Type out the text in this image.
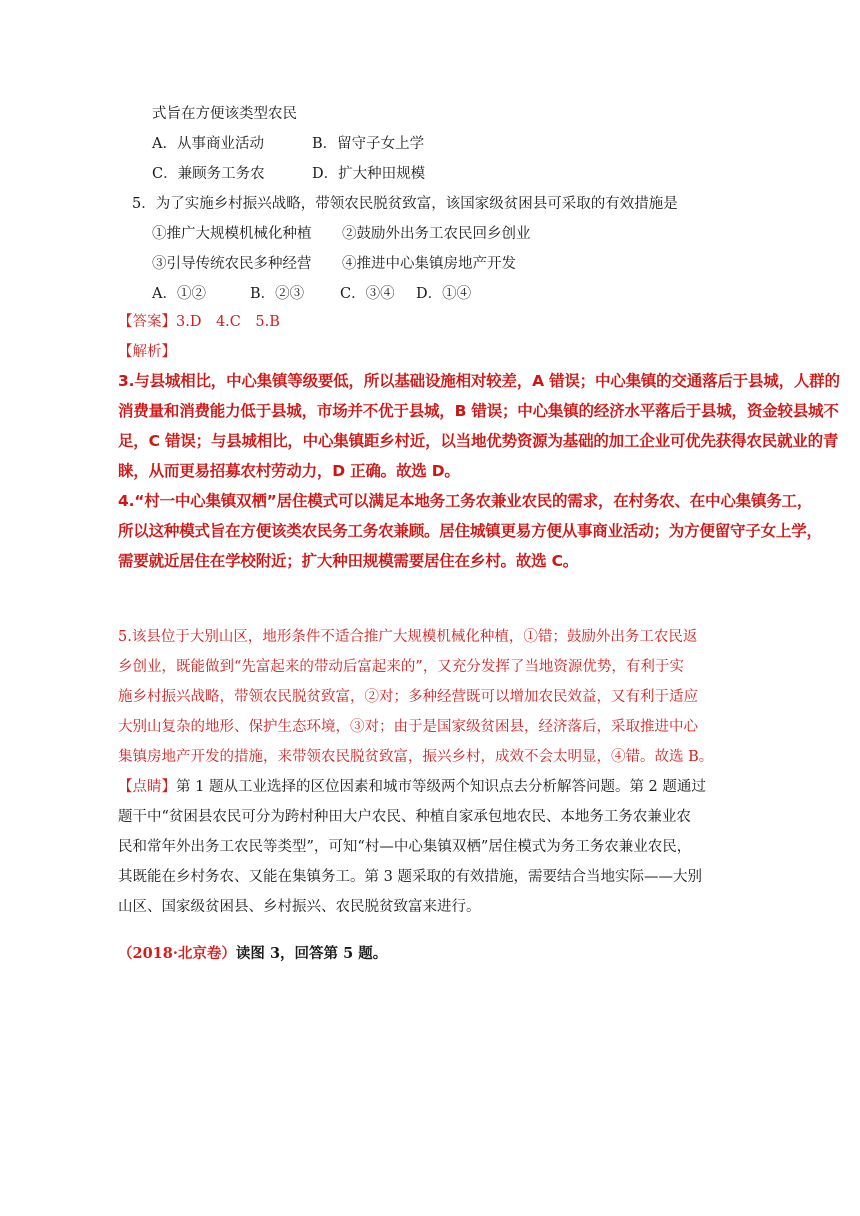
式旨在方便该类型农民
A．从事商业活动	B．留守子女上学
C．兼顾务工务农	D．扩大种田规模
5．为了实施乡村振兴战略，带领农民脱贫致富，该国家级贫困县可采取的有效措施是
①推广大规模机械化种植 ②鼓励外出务工农民回乡创业
③引导传统农民多种经营 ④推进中心集镇房地产开发
A．①②	B．②③ C．③④ D．①④
【答案】3.D　4.C　5.B
【解析】
3.与县城相比，中心集镇等级要低，所以基础设施相对较差，A 错误；中心集镇的交通落后于县城，人群的
消费量和消费能力低于县城，市场并不优于县城，B 错误；中心集镇的经济水平落后于县城，资金较县城不
足，C 错误；与县城相比，中心集镇距乡村近，以当地优势资源为基础的加工企业可优先获得农民就业的青
睐，从而更易招募农村劳动力，D 正确。故选 D。
4.“村一中心集镇双栖”居住模式可以满足本地务工务农兼业农民的需求，在村务农、在中心集镇务工，
所以这种模式旨在方便该类农民务工务农兼顾。居住城镇更易方便从事商业活动；为方便留守子女上学，
需要就近居住在学校附近；扩大种田规模需要居住在乡村。故选 C。
5.该县位于大别山区，地形条件不适合推广大规模机械化种植，①错；鼓励外出务工农民返
乡创业，既能做到“先富起来的带动后富起来的”，又充分发挥了当地资源优势，有利于实
施乡村振兴战略，带领农民脱贫致富，②对；多种经营既可以增加农民效益，又有利于适应
大别山复杂的地形、保护生态环境，③对；由于是国家级贫困县，经济落后，采取推进中心
集镇房地产开发的措施，来带领农民脱贫致富，振兴乡村，成效不会太明显，④错。故选 B。
【点睛】第 1 题从工业选择的区位因素和城市等级两个知识点去分析解答问题。第 2 题通过
题干中“贫困县农民可分为跨村种田大户农民、种植自家承包地农民、本地务工务农兼业农
民和常年外出务工农民等类型”，可知“村—中心集镇双栖”居住模式为务工务农兼业农民，
其既能在乡村务农、又能在集镇务工。第 3 题采取的有效措施，需要结合当地实际——大别
山区、国家级贫困县、乡村振兴、农民脱贫致富来进行。
（2018·北京卷）读图 3，回答第 5 题。
